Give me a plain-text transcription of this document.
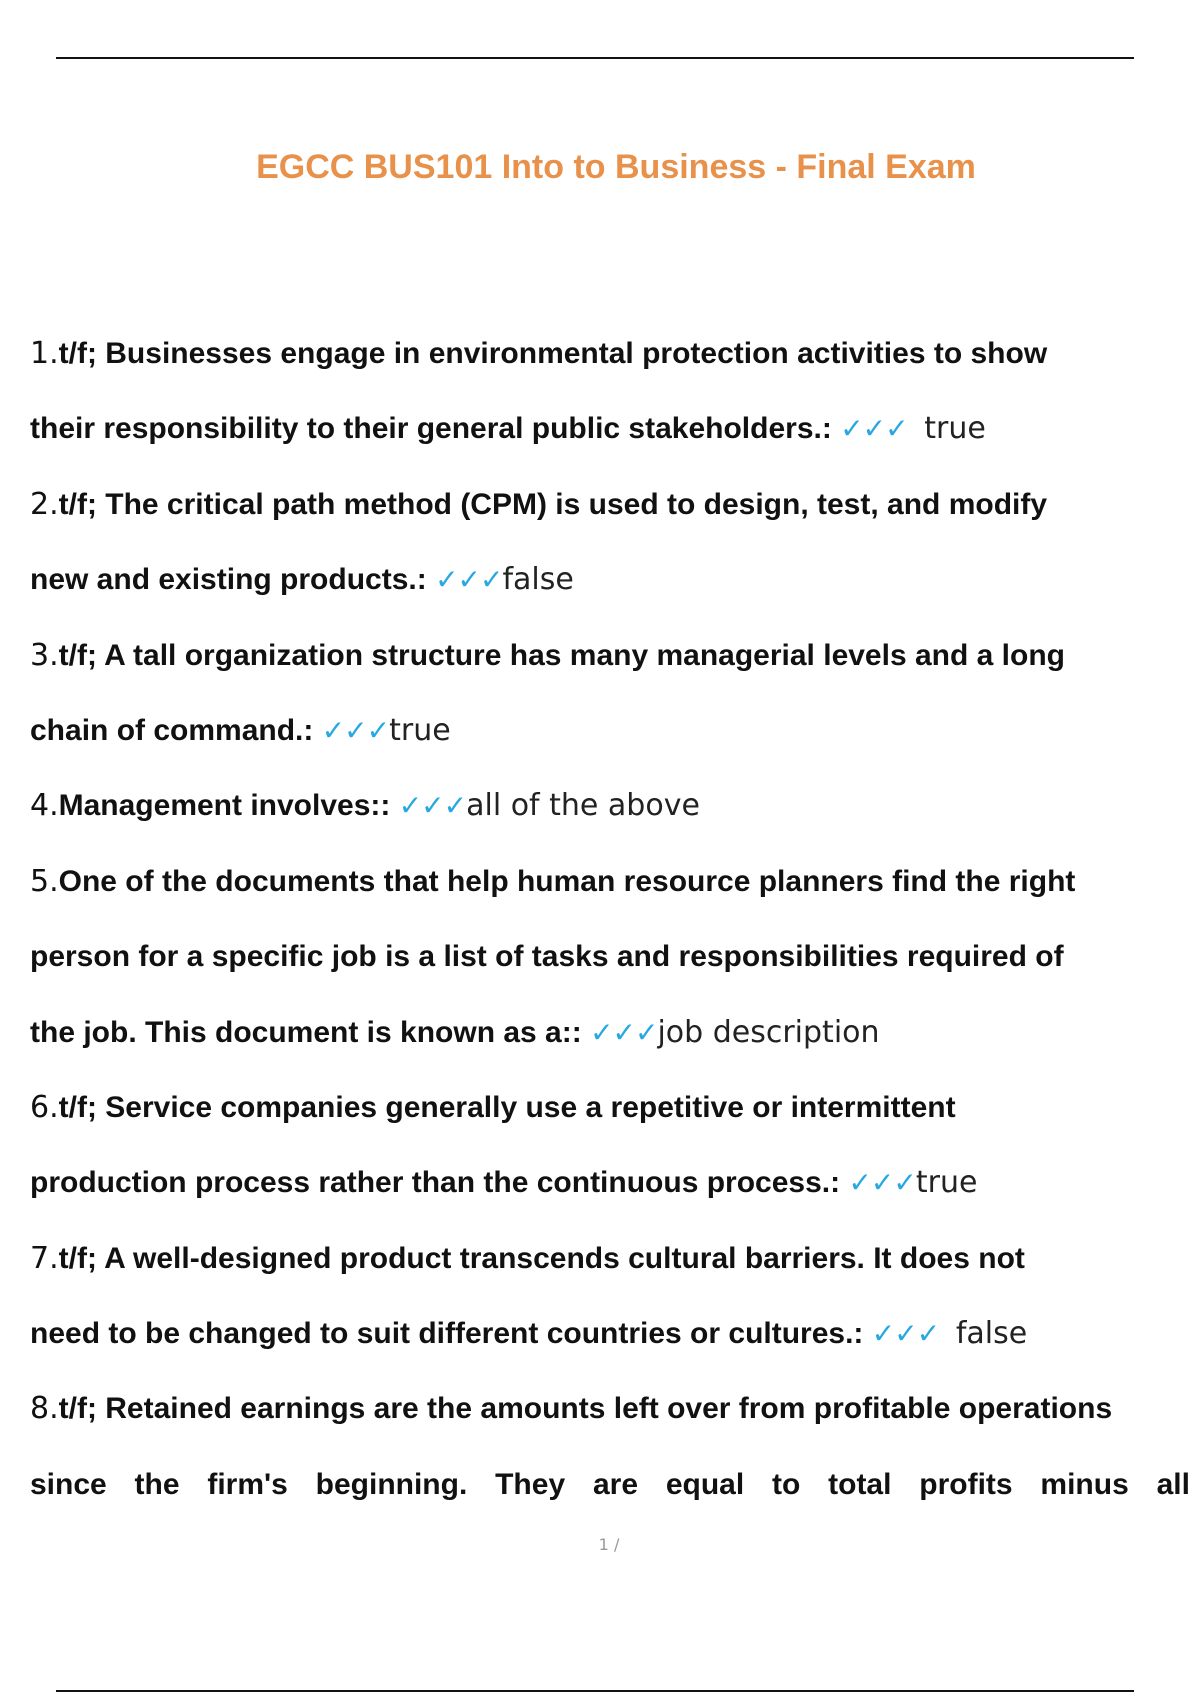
EGCC BUS101 Into to Business - Final Exam
1.t/f; Businesses engage in environmental protection activities to show
their responsibility to their general public stakeholders.: ✓✓✓ true
2.t/f; The critical path method (CPM) is used to design, test, and modify
new and existing products.: ✓✓✓false
3.t/f; A tall organization structure has many managerial levels and a long
chain of command.: ✓✓✓true
4.Management involves:: ✓✓✓all of the above
5.One of the documents that help human resource planners find the right
person for a specific job is a list of tasks and responsibilities required of
the job. This document is known as a:: ✓✓✓job description
6.t/f; Service companies generally use a repetitive or intermittent
production process rather than the continuous process.: ✓✓✓true
7.t/f; A well-designed product transcends cultural barriers. It does not
need to be changed to suit different countries or cultures.: ✓✓✓ false
8.t/f; Retained earnings are the amounts left over from profitable operations
since the firm's beginning. They are equal to total profits minus all
1 /
